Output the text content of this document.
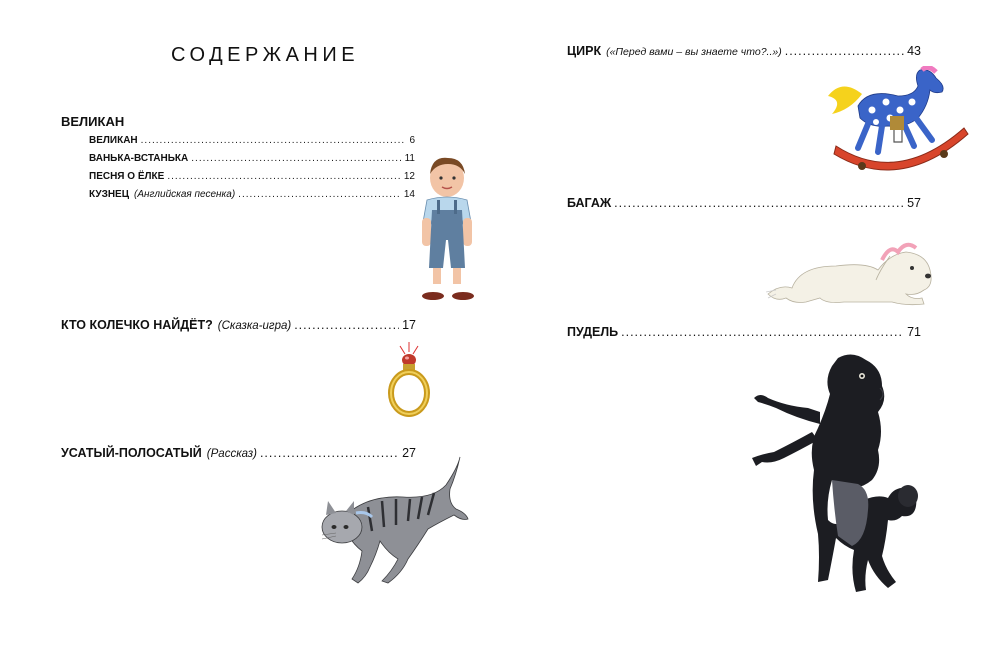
СОДЕРЖАНИЕ
ВЕЛИКАН
ВЕЛИКАН .....	6
ВАНЬКА-ВСТАНЬКА .....	11
ПЕСНЯ О ЁЛКЕ .....	12
КУЗНЕЦ (Английская песенка) .....	14
КТО КОЛЕЧКО НАЙДЁТ? (Сказка-игра) .....	17
УСАТЫЙ-ПОЛОСАТЫЙ (Рассказ) .....	27
ЦИРК («Перед вами – вы знаете что?..») .....	43
БАГАЖ .....	57
ПУДЕЛЬ .....	71
